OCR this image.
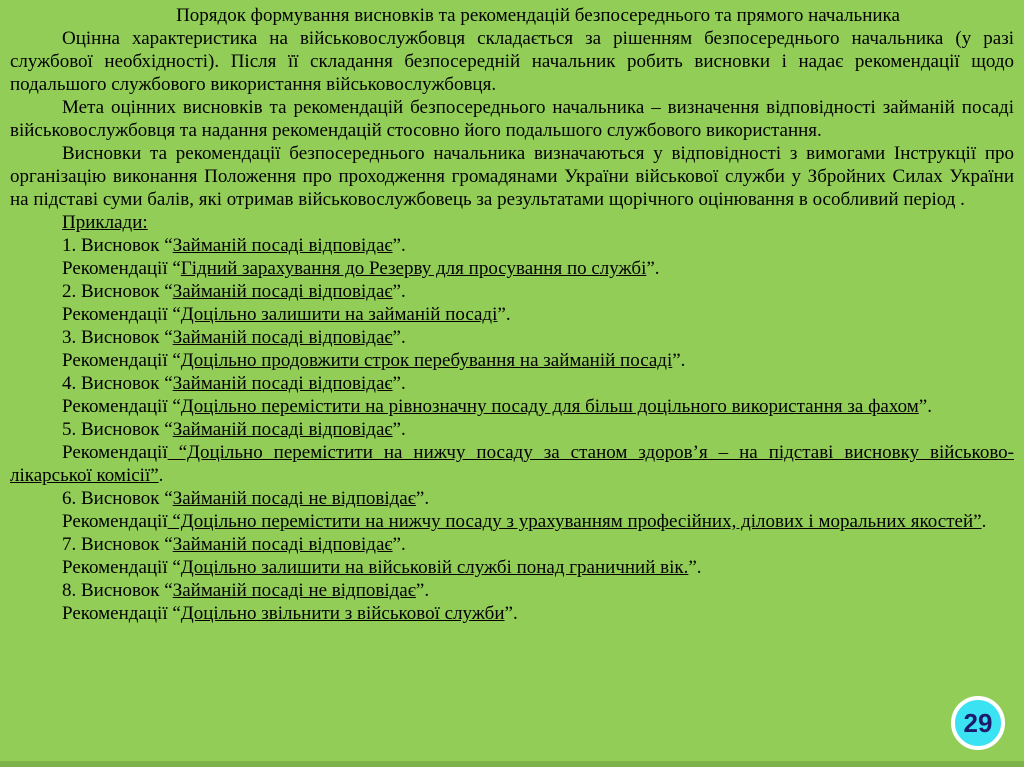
Порядок формування висновків та рекомендацій безпосереднього та прямого начальника

Оцінна характеристика на військовослужбовця складається за рішенням безпосереднього начальника (у разі службової необхідності). Після її складання безпосередній начальник робить висновки і надає рекомендації щодо подальшого службового використання військовослужбовця.

Мета оцінних висновків та рекомендацій безпосереднього начальника – визначення відповідності займаній посаді військовослужбовця та надання рекомендацій стосовно його подальшого службового використання.

Висновки та рекомендації безпосереднього начальника визначаються у відповідності з вимогами Інструкції про організацію виконання Положення про проходження громадянами України військової служби у Збройних Силах України на підставі суми балів, які отримав військовослужбовець за результатами щорічного оцінювання в особливий період .

Приклади:

1. Висновок “Займаній посаді відповідає”.

Рекомендації “Гідний зарахування до Резерву для просування по службі”.

2. Висновок “Займаній посаді відповідає”.

Рекомендації “Доцільно залишити на займаній посаді”.

3. Висновок “Займаній посаді відповідає”.

Рекомендації “Доцільно продовжити строк перебування на займаній посаді”.

4. Висновок “Займаній посаді відповідає”.

Рекомендації “Доцільно перемістити на рівнозначну посаду для більш доцільного використання за фахом”.

5. Висновок “Займаній посаді відповідає”.

Рекомендації “Доцільно перемістити на нижчу посаду за станом здоров’я – на підставі висновку військово-лікарської комісії”.

6. Висновок “Займаній посаді не відповідає”.

Рекомендації “Доцільно перемістити на нижчу посаду з урахуванням професійних, ділових і моральних якостей”.

7. Висновок “Займаній посаді відповідає”.

Рекомендації “Доцільно залишити на військовій службі понад граничний вік.”.

8. Висновок “Займаній посаді не відповідає”.

Рекомендації “Доцільно звільнити з військової служби”.

29
